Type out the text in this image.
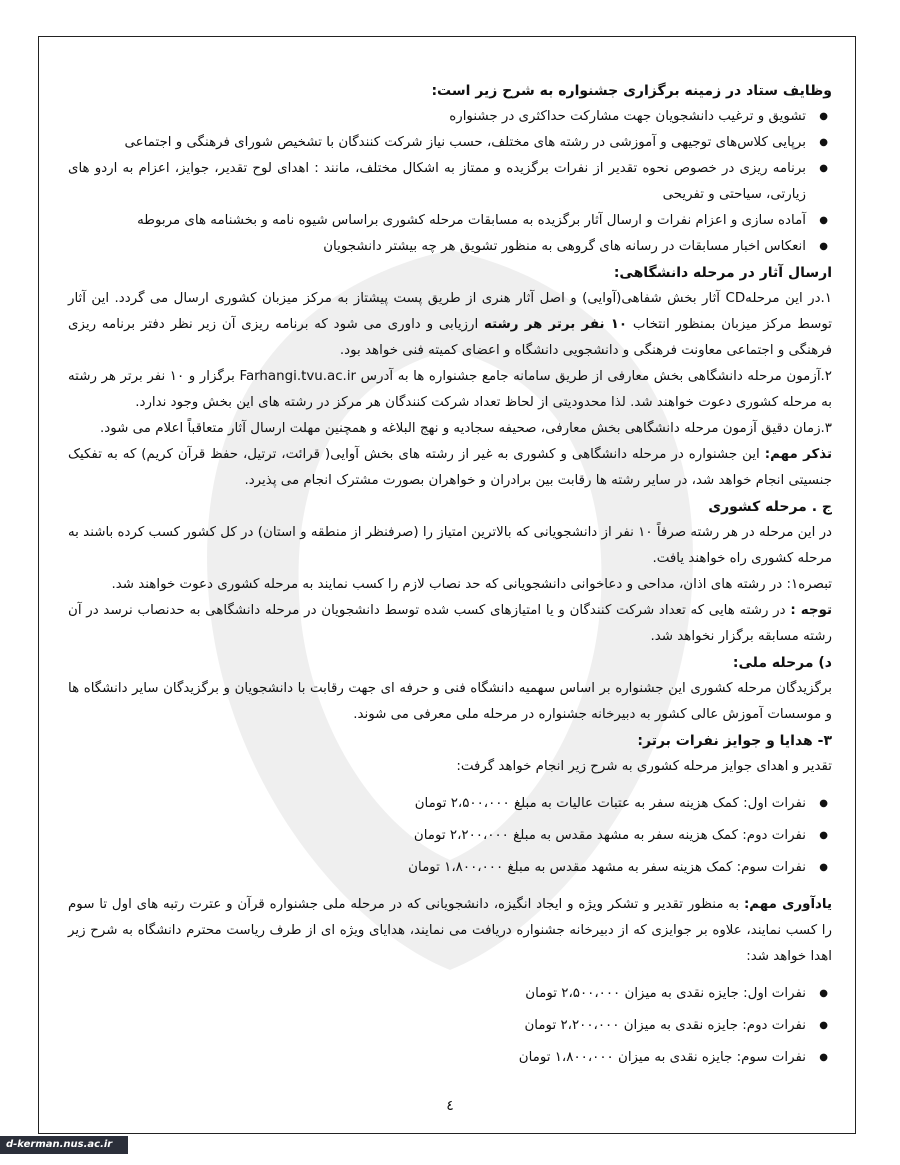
وظایف ستاد در زمینه برگزاری جشنواره به شرح زیر است:

● تشویق و ترغیب دانشجویان جهت مشارکت حداکثری در جشنواره
● برپایی کلاس‌های توجیهی و آموزشی در رشته های مختلف، حسب نیاز شرکت کنندگان با تشخیص شورای فرهنگی و اجتماعی
● برنامه ریزی در خصوص نحوه تقدیر از نفرات برگزیده و ممتاز به اشکال مختلف، مانند : اهدای لوح تقدیر، جوایز، اعزام به اردو های زیارتی، سیاحتی و تفریحی
● آماده سازی و اعزام نفرات و ارسال آثار برگزیده به مسابقات مرحله کشوری براساس شیوه نامه و بخشنامه های مربوطه
● انعکاس اخبار مسابقات در رسانه های گروهی به منظور تشویق هر چه بیشتر دانشجویان

ارسال آثار در مرحله دانشگاهی:

۱.در این مرحلهCD آثار بخش شفاهی(آوایی) و اصل آثار هنری از طریق پست پیشتاز به مرکز میزبان کشوری ارسال می گردد. این آثار توسط مرکز میزبان بمنظور انتخاب ۱۰ نفر برتر هر رشته ارزیابی و داوری می شود که برنامه ریزی آن زیر نظر دفتر برنامه ریزی فرهنگی و اجتماعی معاونت فرهنگی و دانشجویی دانشگاه و اعضای کمیته فنی خواهد بود.

۲.آزمون مرحله دانشگاهی بخش معارفی از طریق سامانه جامع جشنواره ها به آدرس Farhangi.tvu.ac.ir برگزار و ۱۰ نفر برتر هر رشته به مرحله کشوری دعوت خواهند شد. لذا محدودیتی از لحاظ تعداد شرکت کنندگان هر مرکز در رشته های این بخش وجود ندارد.

۳.زمان دقیق آزمون مرحله دانشگاهی بخش معارفی، صحیفه سجادیه و نهج البلاغه و همچنین مهلت ارسال آثار متعاقباً اعلام می شود.

تذکر مهم: این جشنواره در مرحله دانشگاهی و کشوری به غیر از رشته های بخش آوایی( قرائت، ترتیل، حفظ قرآن کریم) که به تفکیک جنسیتی انجام خواهد شد، در سایر رشته ها رقابت بین برادران و خواهران بصورت مشترک انجام می پذیرد.

ج . مرحله کشوری

در این مرحله در هر رشته صرفاً ۱۰ نفر از دانشجویانی که بالاترین امتیاز را (صرفنظر از منطقه و استان) در کل کشور کسب کرده باشند به مرحله کشوری راه خواهند یافت.

تبصره۱: در رشته های اذان، مداحی و دعاخوانی دانشجویانی که حد نصاب لازم را کسب نمایند به مرحله کشوری دعوت خواهند شد.

توجه : در رشته هایی که تعداد شرکت کنندگان و یا امتیازهای کسب شده توسط دانشجویان در مرحله دانشگاهی به حدنصاب نرسد در آن رشته مسابقه برگزار نخواهد شد.

د) مرحله ملی:

برگزیدگان مرحله کشوری این جشنواره بر اساس سهمیه دانشگاه فنی و حرفه ای جهت رقابت با دانشجویان و برگزیدگان سایر دانشگاه ها و موسسات آموزش عالی کشور به دبیرخانه جشنواره در مرحله ملی معرفی می شوند.

۳- هدایا و جوایز نفرات برتر:

تقدیر و اهدای جوایز مرحله کشوری به شرح زیر انجام خواهد گرفت:

● نفرات اول: کمک هزینه سفر به عتبات عالیات به مبلغ ۲،۵۰۰،۰۰۰ تومان
● نفرات دوم: کمک هزینه سفر به مشهد مقدس به مبلغ ۲،۲۰۰،۰۰۰ تومان
● نفرات سوم: کمک هزینه سفر به مشهد مقدس به مبلغ ۱،۸۰۰،۰۰۰ تومان

یادآوری مهم: به منظور تقدیر و تشکر ویژه و ایجاد انگیزه، دانشجویانی که در مرحله ملی جشنواره قرآن و عترت رتبه های اول تا سوم را کسب نمایند، علاوه بر جوایزی که از دبیرخانه جشنواره دریافت می نمایند، هدایای ویژه ای از طرف ریاست محترم دانشگاه به شرح زیر اهدا خواهد شد:

● نفرات اول: جایزه نقدی به میزان ۲،۵۰۰،۰۰۰ تومان
● نفرات دوم: جایزه نقدی به میزان ۲،۲۰۰،۰۰۰ تومان
● نفرات سوم: جایزه نقدی به میزان ۱،۸۰۰،۰۰۰ تومان
٤
d-kerman.nus.ac.ir
